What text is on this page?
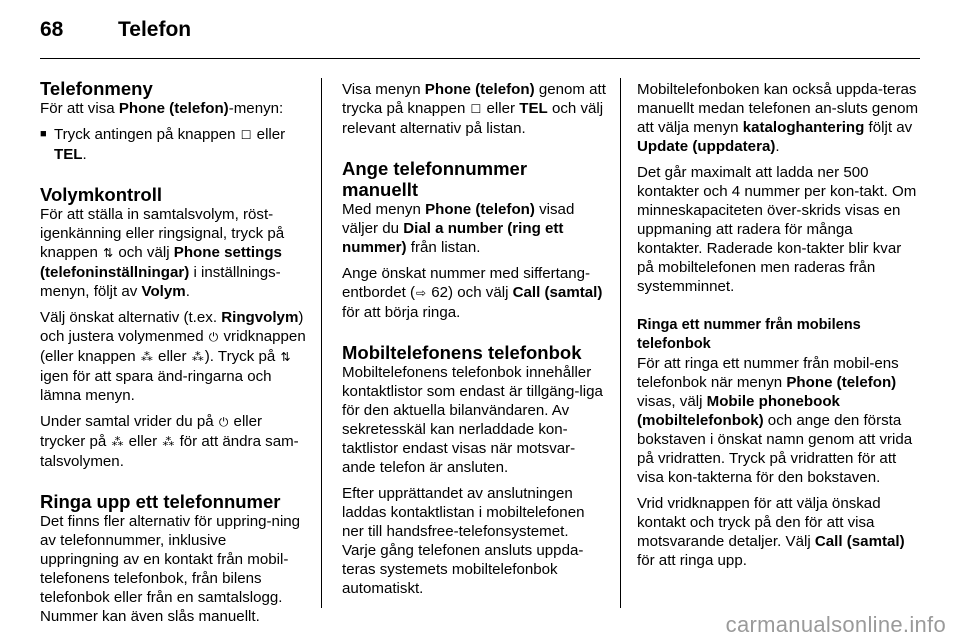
68	Telefon
Telefonmeny

För att visa Phone (telefon)-menyn:

■ Tryck antingen på knappen ☐ eller
TEL.
Volymkontroll

För att ställa in samtalsvolym, röst-igenkänning eller ringsignal, tryck på knappen ⇅ och välj Phone settings (telefoninställningar) i inställnings-menyn, följt av Volym.

Välj önskat alternativ (t.ex. Ringvolym) och justera volymenmed ⏻ vridknappen (eller knappen ⁂ eller ⁂). Tryck på ⇅ igen för att spara änd-ringarna och lämna menyn.

Under samtal vrider du på ⏻ eller trycker på ⁂ eller ⁂ för att ändra sam-talsvolymen.

Ringa upp ett telefonnumer

Det finns fler alternativ för uppring-ning av telefonnummer, inklusive uppringning av en kontakt från mobil-telefonens telefonbok, från bilens telefonbok eller från en samtalslogg. Nummer kan även slås manuellt.

Visa menyn Phone (telefon) genom att trycka på knappen ☐ eller TEL och välj relevant alternativ på listan.

Ange telefonnummer manuellt

Med menyn Phone (telefon) visad väljer du Dial a number (ring ett nummer) från listan.

Ange önskat nummer med siffertang-entbordet (⇨ 62) och välj Call (samtal) för att börja ringa.

Mobiltelefonens telefonbok

Mobiltelefonens telefonbok innehåller kontaktlistor som endast är tillgäng-liga för den aktuella bilanvändaren. Av sekretesskäl kan nerladdade kon-taktlistor endast visas när motsvar-ande telefon är ansluten.

Efter upprättandet av anslutningen laddas kontaktlistan i mobiltelefonen ner till handsfree-telefonsystemet. Varje gång telefonen ansluts uppda-teras systemets mobiltelefonbok automatiskt.

Mobiltelefonboken kan också uppda-teras manuellt medan telefonen an-sluts genom att välja menyn kataloghantering följt av Update (uppdatera).

Det går maximalt att ladda ner 500 kontakter och 4 nummer per kon-takt. Om minneskapaciteten över-skrids visas en uppmaning att radera för många kontakter. Raderade kon-takter blir kvar på mobiltelefonen men raderas från systemminnet.

Ringa ett nummer från mobilens telefonbok

För att ringa ett nummer från mobil-ens telefonbok när menyn Phone (telefon) visas, välj Mobile phonebook (mobiltelefonbok) och ange den första bokstaven i önskat namn genom att vrida på vridratten. Tryck på vridratten för att visa kon-takterna för den bokstaven.

Vrid vridknappen för att välja önskad kontakt och tryck på den för att visa motsvarande detaljer. Välj Call (samtal) för att ringa upp.

carmanualsonline.info
